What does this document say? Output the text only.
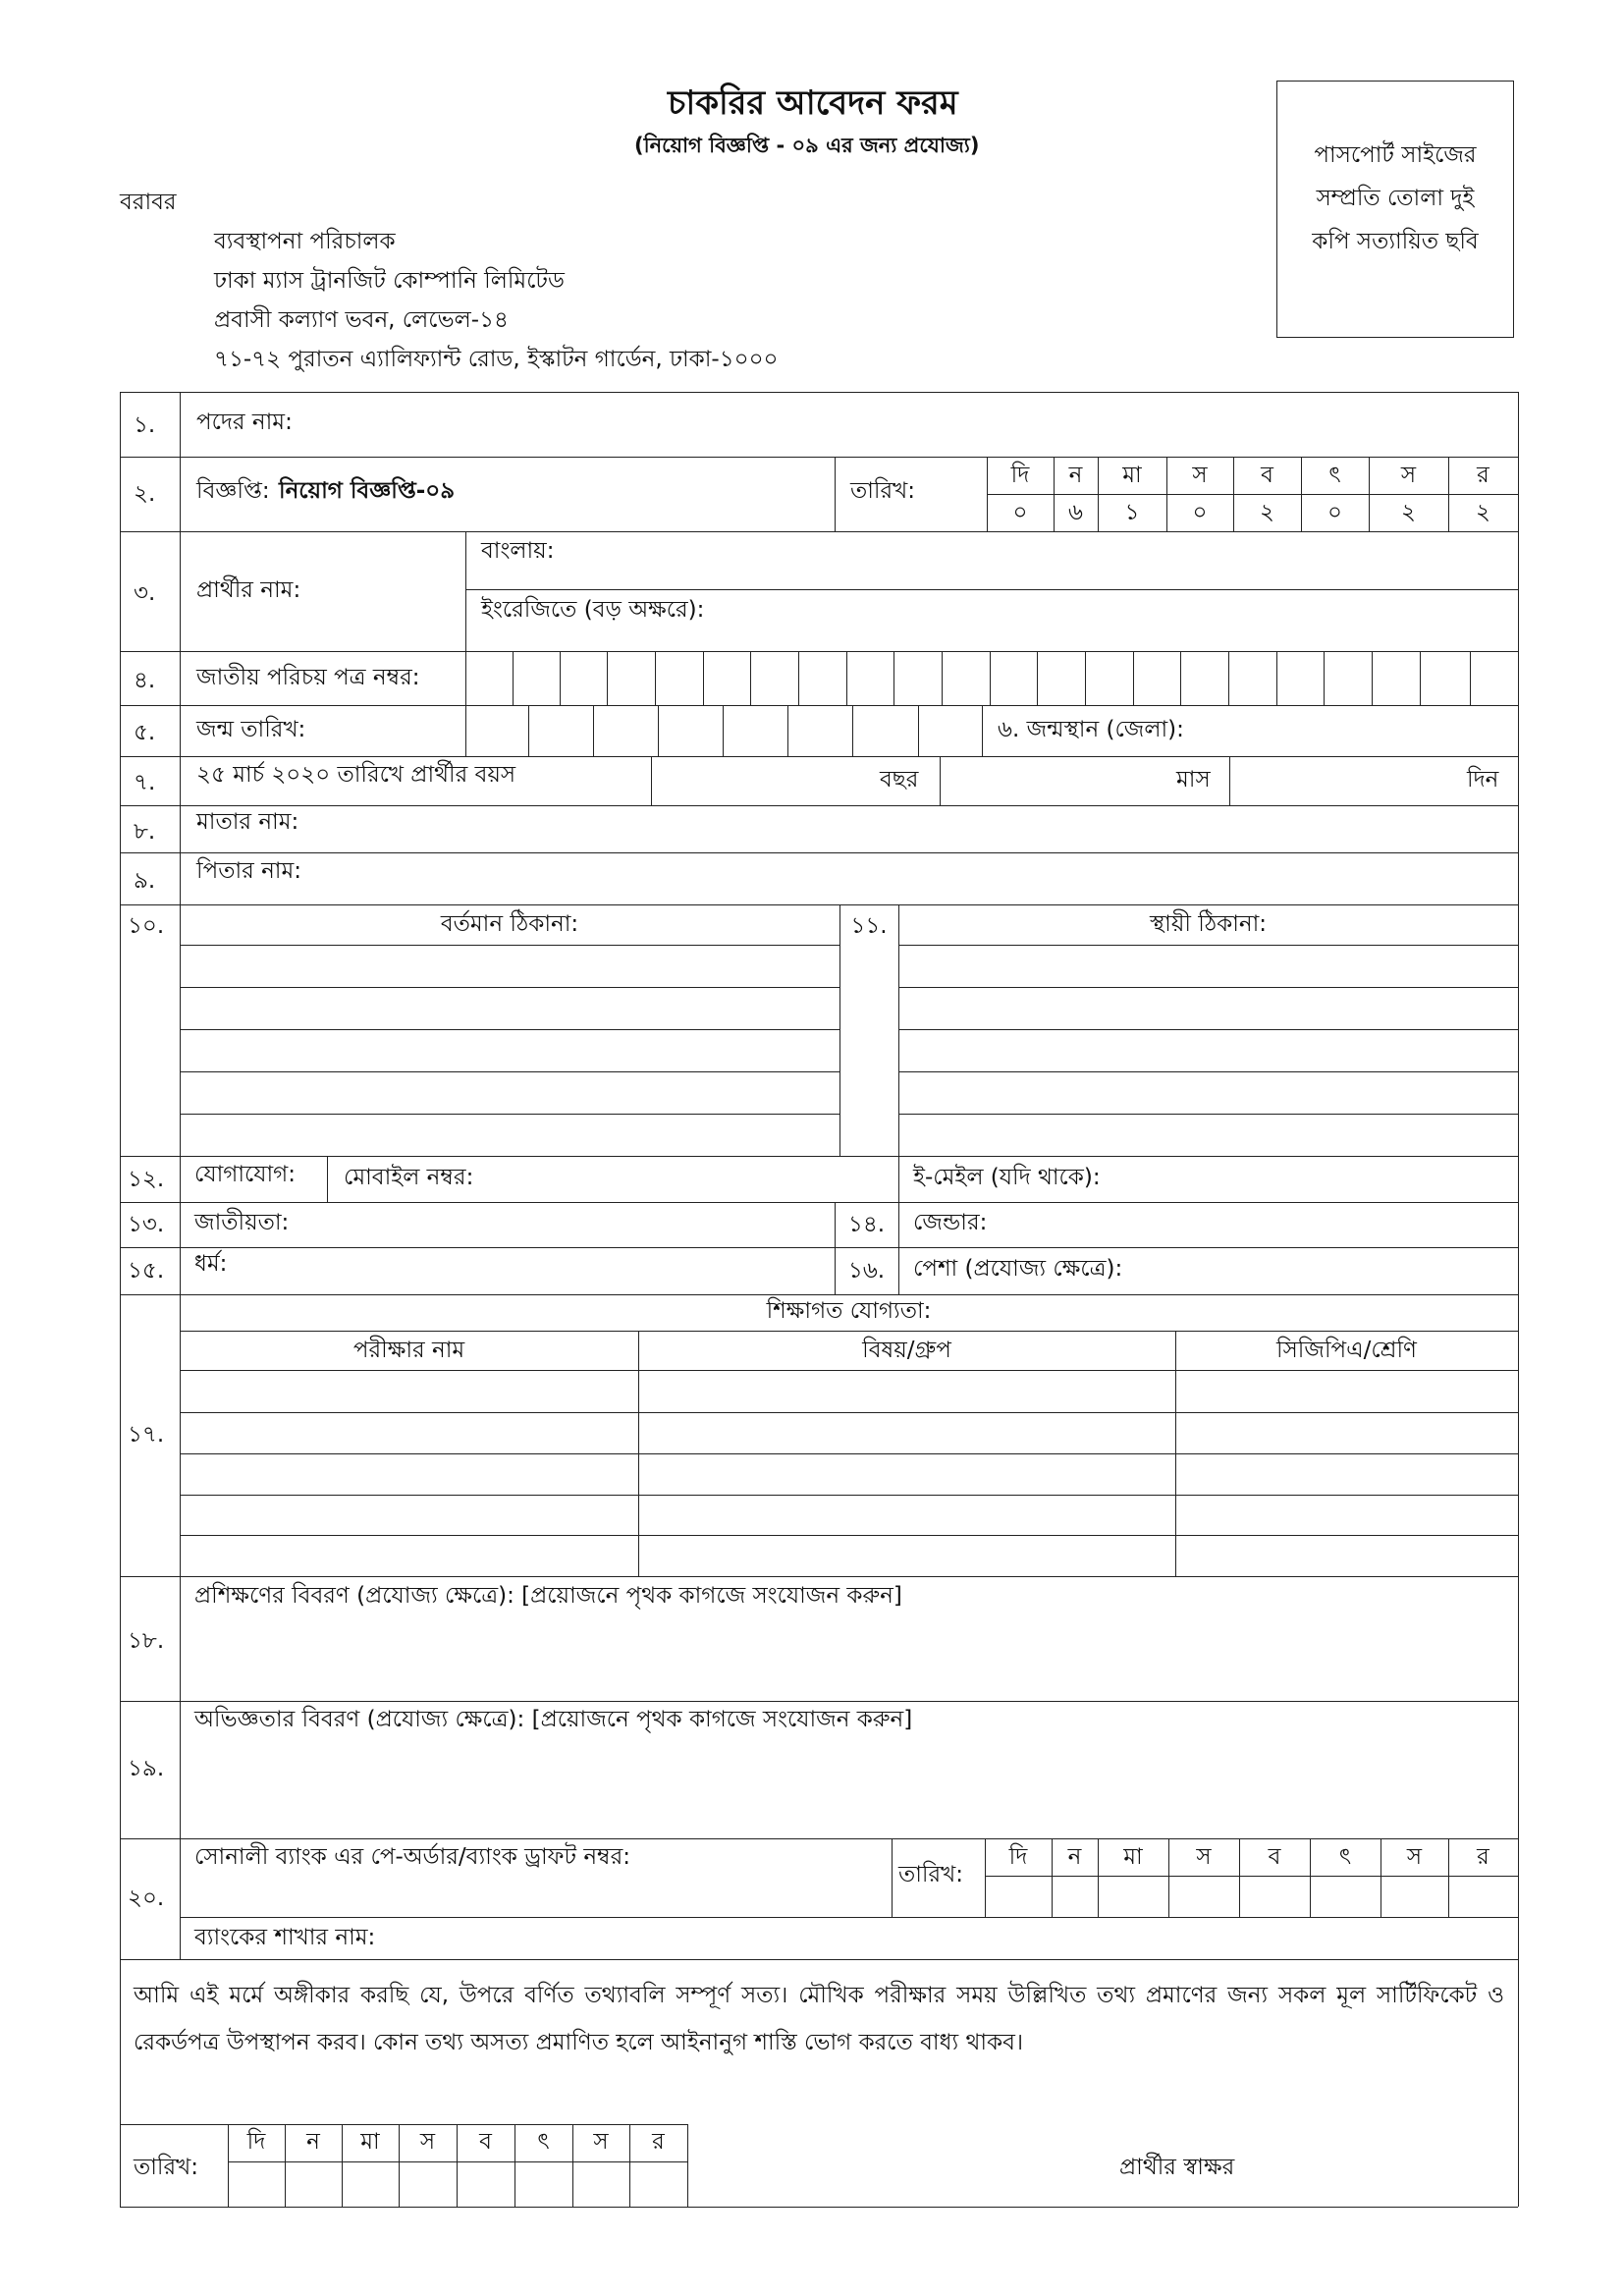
চাকরির আবেদন ফরম
(নিয়োগ বিজ্ঞপ্তি - ০৯ এর জন্য প্রযোজ্য)	পাসপোর্ট সাইজের
সম্প্রতি তোলা দুই
কপি সত্যায়িত ছবি
বরাবর
ব্যবস্থাপনা পরিচালক
ঢাকা ম্যাস ট্রানজিট কোম্পানি লিমিটেড
প্রবাসী কল্যাণ ভবন, লেভেল-১৪
৭১-৭২ পুরাতন এ্যালিফ্যান্ট রোড, ইস্কাটন গার্ডেন, ঢাকা-১০০০
১. পদের নাম:
২. বিজ্ঞপ্তি: নিয়োগ বিজ্ঞপ্তি-০৯	তারিখ:
দি	ন	মা	স	ব	ৎ	স	র
০	৬	১	০	২	০	২	২
৩. প্রার্থীর নাম:
বাংলায়:
ইংরেজিতে (বড় অক্ষরে):
৪. জাতীয় পরিচয় পত্র নম্বর:
৫. জন্ম তারিখ:	৬. জন্মস্থান (জেলা):
৭. ২৫ মার্চ ২০২০ তারিখে প্রার্থীর বয়স	বছর	মাস	দিন
৮. মাতার নাম:
৯. পিতার নাম:
১০.	বর্তমান ঠিকানা:	১১.	স্থায়ী ঠিকানা:
১২. যোগাযোগ: মোবাইল নম্বর:	ই-মেইল (যদি থাকে):
১৩. জাতীয়তা:	১৪.	জেন্ডার:
১৫. ধর্ম:	১৬.	পেশা (প্রযোজ্য ক্ষেত্রে):
১৭.
শিক্ষাগত যোগ্যতা:
পরীক্ষার নাম	বিষয়/গ্রুপ	সিজিপিএ/শ্রেণি
১৮.
প্রশিক্ষণের বিবরণ (প্রযোজ্য ক্ষেত্রে): [প্রয়োজনে পৃথক কাগজে সংযোজন করুন]
১৯.
অভিজ্ঞতার বিবরণ (প্রযোজ্য ক্ষেত্রে): [প্রয়োজনে পৃথক কাগজে সংযোজন করুন]
২০.
সোনালী ব্যাংক এর পে-অর্ডার/ব্যাংক ড্রাফট নম্বর:
তারিখ:
দি	ন	মা	স	ব	ৎ	স	র
ব্যাংকের শাখার নাম:
আমি এই মর্মে অঙ্গীকার করছি যে, উপরে বর্ণিত তথ্যাবলি সম্পূর্ণ সত্য। মৌখিক পরীক্ষার সময় উল্লিখিত তথ্য প্রমাণের জন্য সকল মূল সার্টিফিকেট ও রেকর্ডপত্র উপস্থাপন করব। কোন তথ্য অসত্য প্রমাণিত হলে আইনানুগ শাস্তি ভোগ করতে বাধ্য থাকব।
তারিখ:
দি	ন	মা	স	ব	ৎ	স	র
প্রার্থীর স্বাক্ষর
